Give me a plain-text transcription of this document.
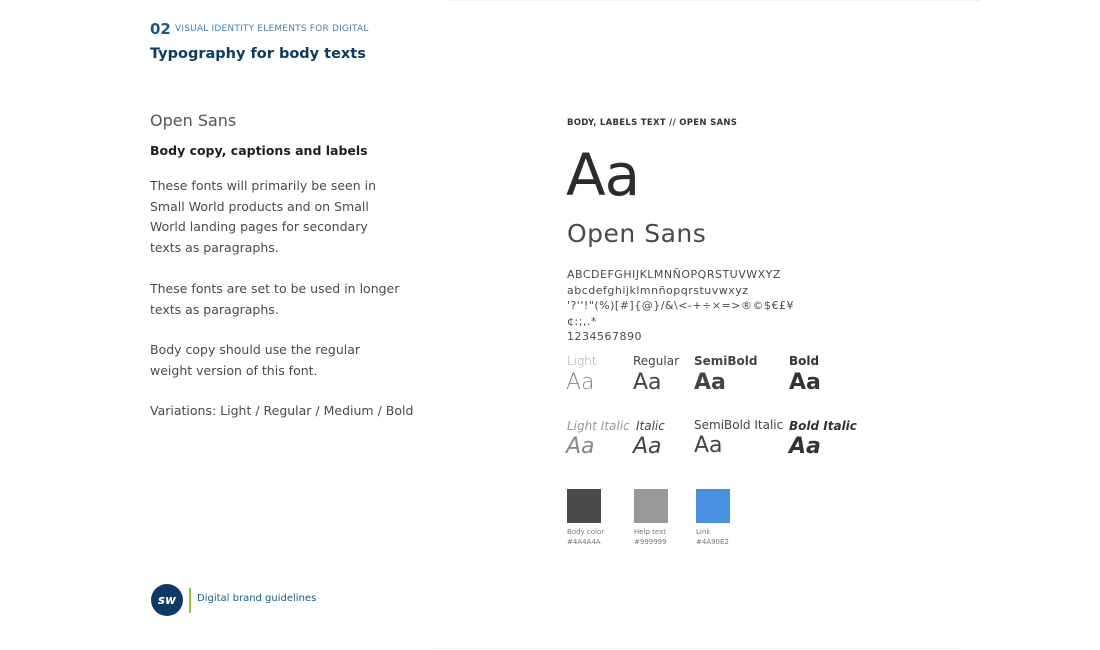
02 VISUAL IDENTITY ELEMENTS FOR DIGITAL
Typography for body texts
Open Sans
Body copy, captions and labels

These fonts will primarily be seen in Small World products and on Small World landing pages for secondary texts as paragraphs.

These fonts are set to be used in longer texts as paragraphs.

Body copy should use the regular weight version of this font.

Variations: Light / Regular / Medium / Bold

BODY, LABELS TEXT // OPEN SANS
Aa
Open Sans
ABCDEFGHIJKLMNÑOPQRSTUVWXYZ
abcdefghijklmnñopqrstuvwxyz
'?''!"(%)[#]{@}/&\<-+÷×=>®©$€£¥
¢:;,.*
1234567890
Light
Aa
Regular
Aa
SemiBold
Aa
Bold
Aa
Light Italic
Aa
Italic
Aa
SemiBold Italic
Aa
Bold Italic
Aa
Body color
#4A4A4A
Help text
#999999
Link
#4A90E2
sw	Digital brand guidelines
